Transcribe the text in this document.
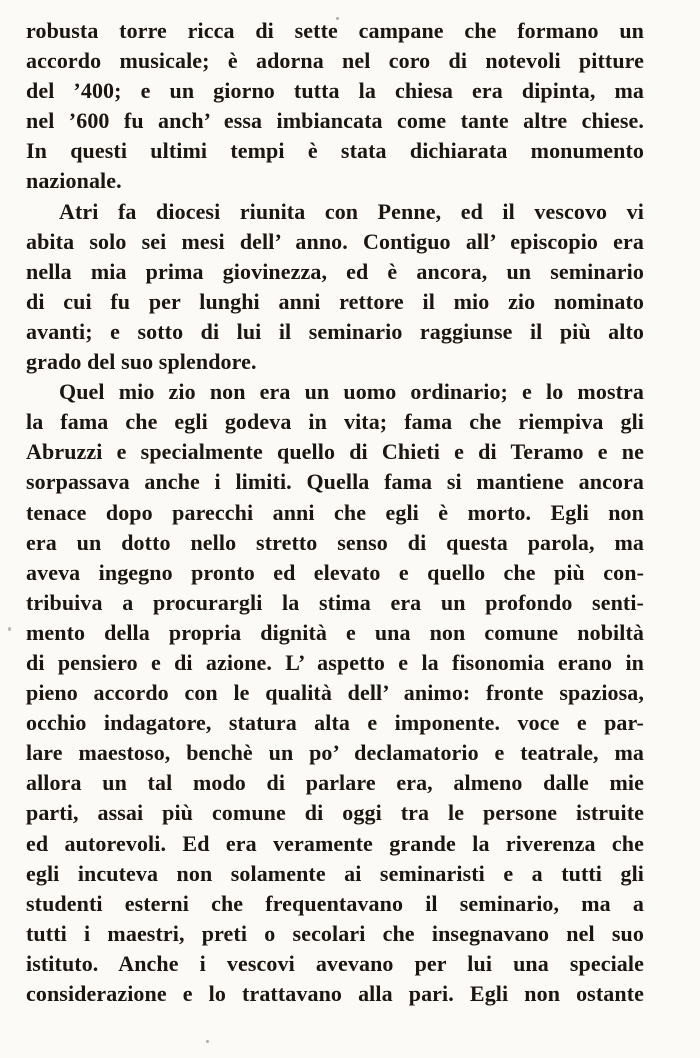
robusta torre ricca di sette campane che formano un
accordo musicale; è adorna nel coro di notevoli pitture
del ’400; e un giorno tutta la chiesa era dipinta, ma
nel ’600 fu anch’ essa imbiancata come tante altre chiese.
In questi ultimi tempi è stata dichiarata monumento
nazionale.
Atri fa diocesi riunita con Penne, ed il vescovo vi
abita solo sei mesi dell’ anno. Contiguo all’ episcopio era
nella mia prima giovinezza, ed è ancora, un seminario
di cui fu per lunghi anni rettore il mio zio nominato
avanti; e sotto di lui il seminario raggiunse il più alto
grado del suo splendore.
Quel mio zio non era un uomo ordinario; e lo mostra
la fama che egli godeva in vita; fama che riempiva gli
Abruzzi e specialmente quello di Chieti e di Teramo e ne
sorpassava anche i limiti. Quella fama si mantiene ancora
tenace dopo parecchi anni che egli è morto. Egli non
era un dotto nello stretto senso di questa parola, ma
aveva ingegno pronto ed elevato e quello che più con-
tribuiva a procurargli la stima era un profondo senti-
mento della propria dignità e una non comune nobiltà
di pensiero e di azione. L’ aspetto e la fisonomia erano in
pieno accordo con le qualità dell’ animo: fronte spaziosa,
occhio indagatore, statura alta e imponente. voce e par-
lare maestoso, benchè un po’ declamatorio e teatrale, ma
allora un tal modo di parlare era, almeno dalle mie
parti, assai più comune di oggi tra le persone istruite
ed autorevoli. Ed era veramente grande la riverenza che
egli incuteva non solamente ai seminaristi e a tutti gli
studenti esterni che frequentavano il seminario, ma a
tutti i maestri, preti o secolari che insegnavano nel suo
istituto. Anche i vescovi avevano per lui una speciale
considerazione e lo trattavano alla pari. Egli non ostante
